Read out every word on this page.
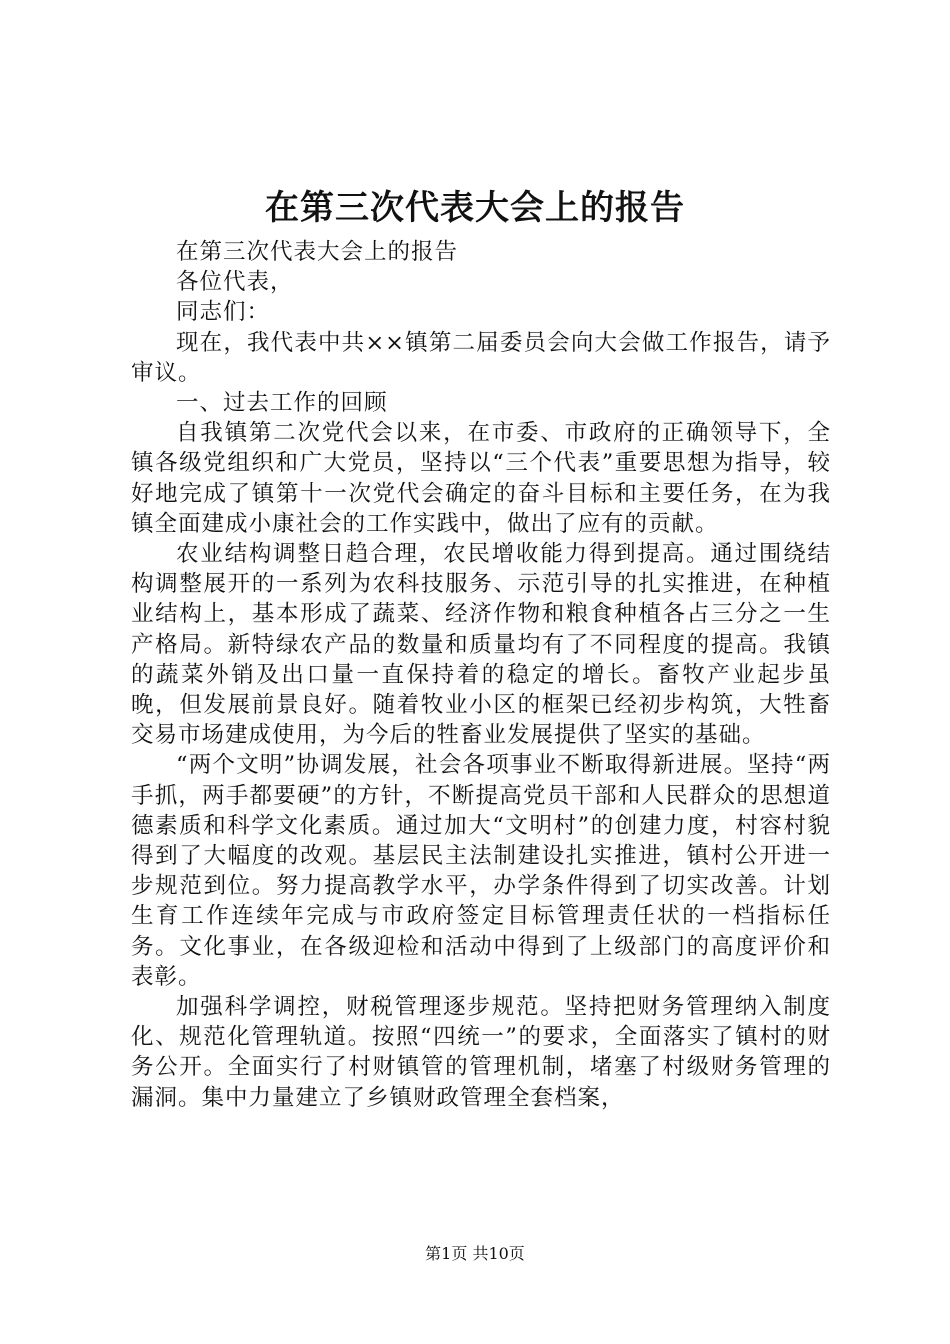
在第三次代表大会上的报告

在第三次代表大会上的报告

各位代表，

同志们：

现在，我代表中共××镇第二届委员会向大会做工作报告，请予审议。

一、过去工作的回顾

自我镇第二次党代会以来，在市委、市政府的正确领导下，全镇各级党组织和广大党员，坚持以“三个代表”重要思想为指导，较好地完成了镇第十一次党代会确定的奋斗目标和主要任务，在为我镇全面建成小康社会的工作实践中，做出了应有的贡献。

农业结构调整日趋合理，农民增收能力得到提高。通过围绕结构调整展开的一系列为农科技服务、示范引导的扎实推进，在种植业结构上，基本形成了蔬菜、经济作物和粮食种植各占三分之一生产格局。新特绿农产品的数量和质量均有了不同程度的提高。我镇的蔬菜外销及出口量一直保持着的稳定的增长。畜牧产业起步虽晚，但发展前景良好。随着牧业小区的框架已经初步构筑，大牲畜交易市场建成使用，为今后的牲畜业发展提供了坚实的基础。

“两个文明”协调发展，社会各项事业不断取得新进展。坚持“两手抓，两手都要硬”的方针，不断提高党员干部和人民群众的思想道德素质和科学文化素质。通过加大“文明村”的创建力度，村容村貌得到了大幅度的改观。基层民主法制建设扎实推进，镇村公开进一步规范到位。努力提高教学水平，办学条件得到了切实改善。计划生育工作连续年完成与市政府签定目标管理责任状的一档指标任务。文化事业，在各级迎检和活动中得到了上级部门的高度评价和表彰。

加强科学调控，财税管理逐步规范。坚持把财务管理纳入制度化、规范化管理轨道。按照“四统一”的要求，全面落实了镇村的财务公开。全面实行了村财镇管的管理机制，堵塞了村级财务管理的漏洞。集中力量建立了乡镇财政管理全套档案，

第1页 共10页
